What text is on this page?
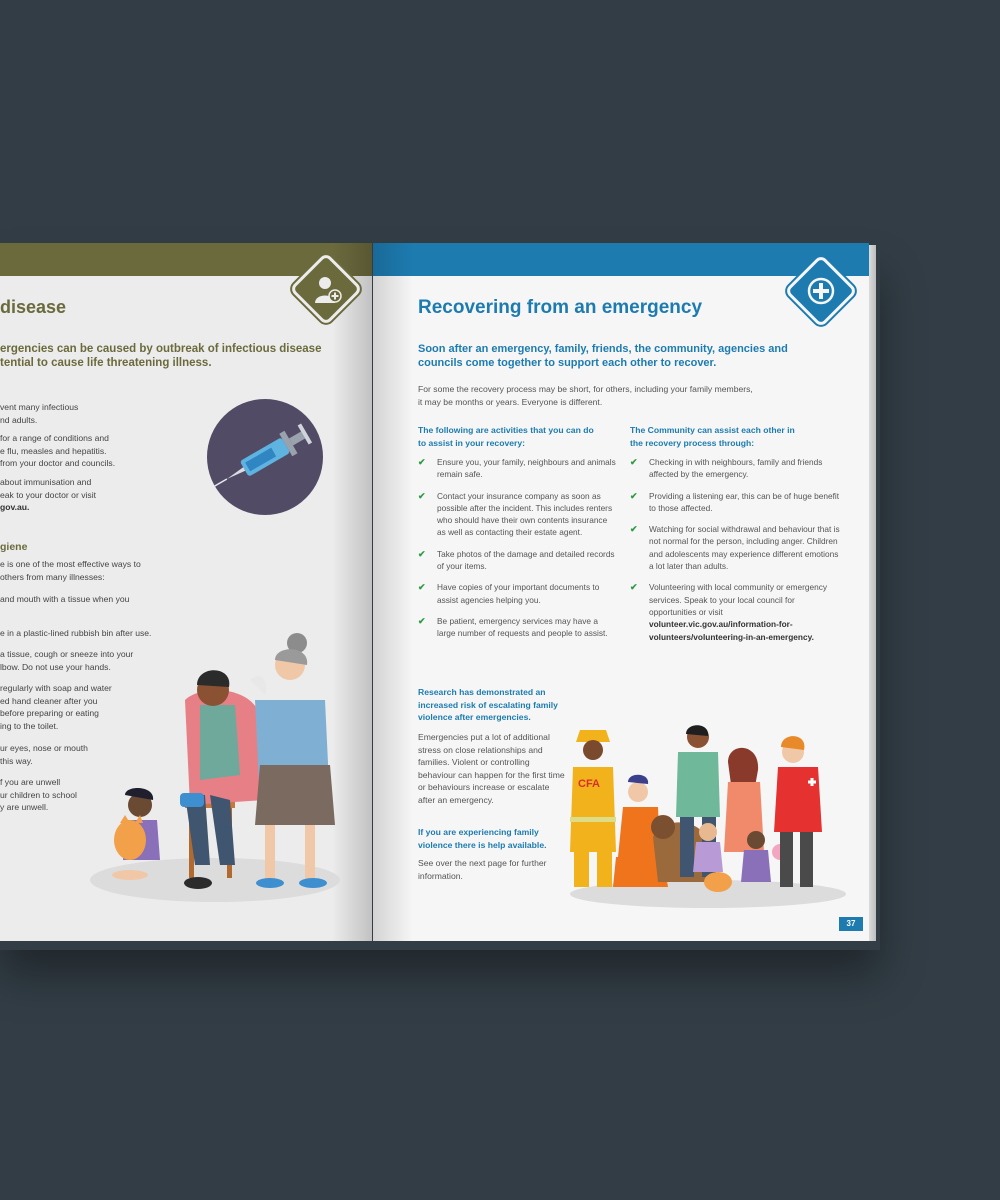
disease
ergencies can be caused by outbreak of infectious disease tential to cause life threatening illness.
vent many infectious
nd adults.
for a range of conditions and
e flu, measles and hepatitis.
from your doctor and councils.
about immunisation and
eak to your doctor or visit
gov.au.
giene
e is one of the most effective ways to
others from many illnesses:
and mouth with a tissue when you
e in a plastic-lined rubbish bin after use.
a tissue, cough or sneeze into your
lbow. Do not use your hands.
regularly with soap and water
ed hand cleaner after you
before preparing or eating
ing to the toilet.
ur eyes, nose or mouth
this way.
f you are unwell
ur children to school
y are unwell.
Recovering from an emergency
Soon after an emergency, family, friends, the community, agencies and councils come together to support each other to recover.
For some the recovery process may be short, for others, including your family members,
it may be months or years. Everyone is different.
The following are activities that you can do to assist in your recovery:
✔ Ensure you, your family, neighbours and animals remain safe.
✔ Contact your insurance company as soon as possible after the incident. This includes renters who should have their own contents insurance as well as contacting their estate agent.
✔ Take photos of the damage and detailed records of your items.
✔ Have copies of your important documents to assist agencies helping you.
✔ Be patient, emergency services may have a large number of requests and people to assist.
The Community can assist each other in the recovery process through:
✔ Checking in with neighbours, family and friends affected by the emergency.
✔ Providing a listening ear, this can be of huge benefit to those affected.
✔ Watching for social withdrawal and behaviour that is not normal for the person, including anger. Children and adolescents may experience different emotions a lot later than adults.
✔ Volunteering with local community or emergency services. Speak to your local council for opportunities or visit volunteer.vic.gov.au/information-for-volunteers/volunteering-in-an-emergency.
Research has demonstrated an increased risk of escalating family violence after emergencies.
Emergencies put a lot of additional stress on close relationships and families. Violent or controlling behaviour can happen for the first time or behaviours increase or escalate after an emergency.
If you are experiencing family violence there is help available.
See over the next page for further information.
CFA
37
